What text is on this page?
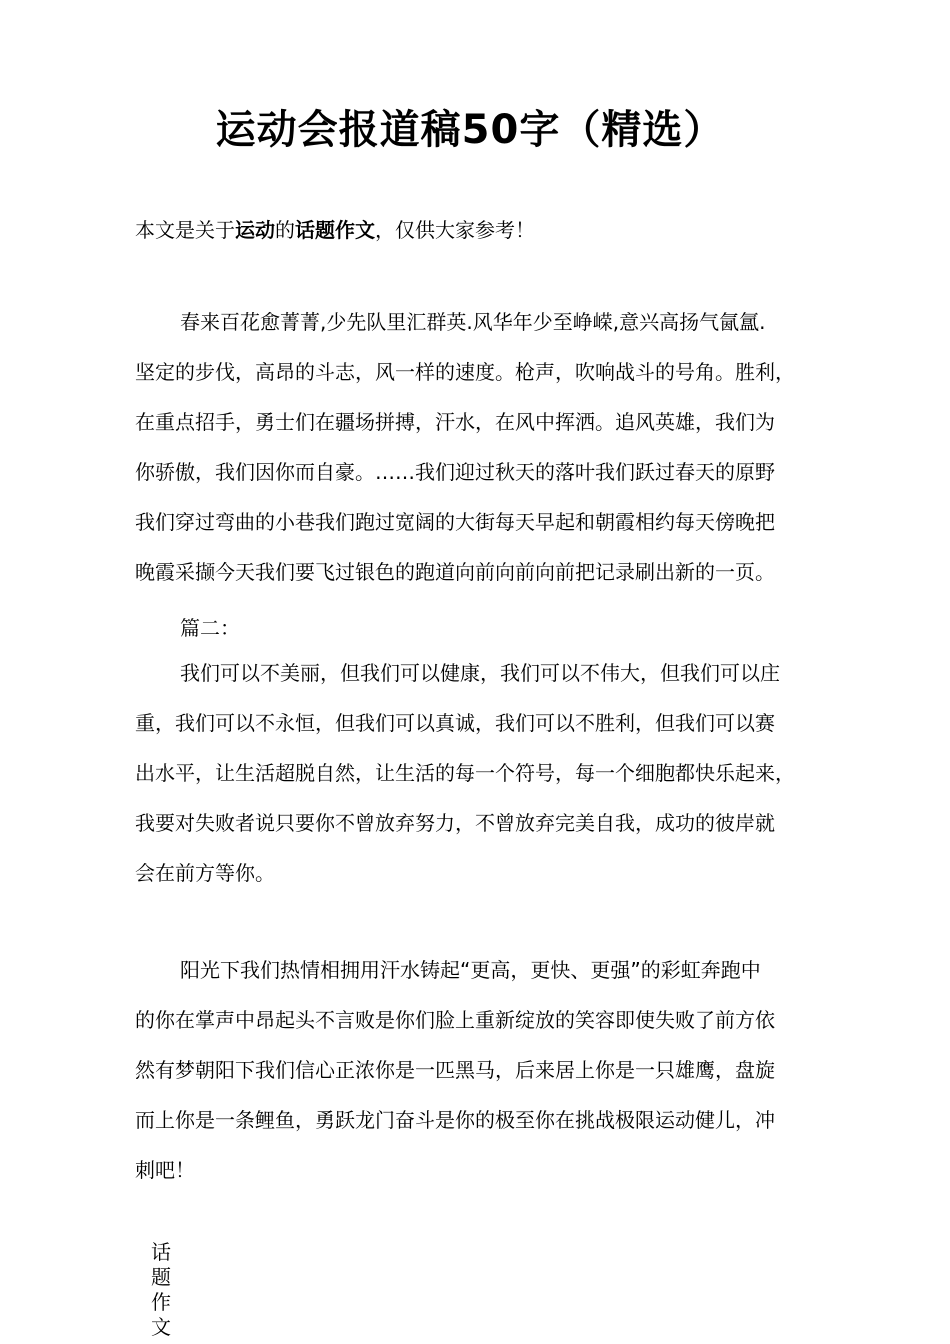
运动会报道稿50字（精选）

本文是关于运动的话题作文，仅供大家参考！

春来百花愈菁菁,少先队里汇群英.风华年少至峥嵘,意兴高扬气氤氲.
坚定的步伐，高昂的斗志，风一样的速度。枪声，吹响战斗的号角。胜利，
在重点招手，勇士们在疆场拼搏，汗水，在风中挥洒。追风英雄，我们为
你骄傲，我们因你而自豪。……我们迎过秋天的落叶我们跃过春天的原野
我们穿过弯曲的小巷我们跑过宽阔的大街每天早起和朝霞相约每天傍晚把
晚霞采撷今天我们要飞过银色的跑道向前向前向前把记录刷出新的一页。
篇二：
我们可以不美丽，但我们可以健康，我们可以不伟大，但我们可以庄
重，我们可以不永恒，但我们可以真诚，我们可以不胜利，但我们可以赛
出水平，让生活超脱自然，让生活的每一个符号，每一个细胞都快乐起来，
我要对失败者说只要你不曾放弃努力，不曾放弃完美自我，成功的彼岸就
会在前方等你。
阳光下我们热情相拥用汗水铸起“更高，更快、更强”的彩虹奔跑中
的你在掌声中昂起头不言败是你们脸上重新绽放的笑容即使失败了前方依
然有梦朝阳下我们信心正浓你是一匹黑马，后来居上你是一只雄鹰，盘旋
而上你是一条鲤鱼，勇跃龙门奋斗是你的极至你在挑战极限运动健儿，冲
刺吧！
话
题
作
文
